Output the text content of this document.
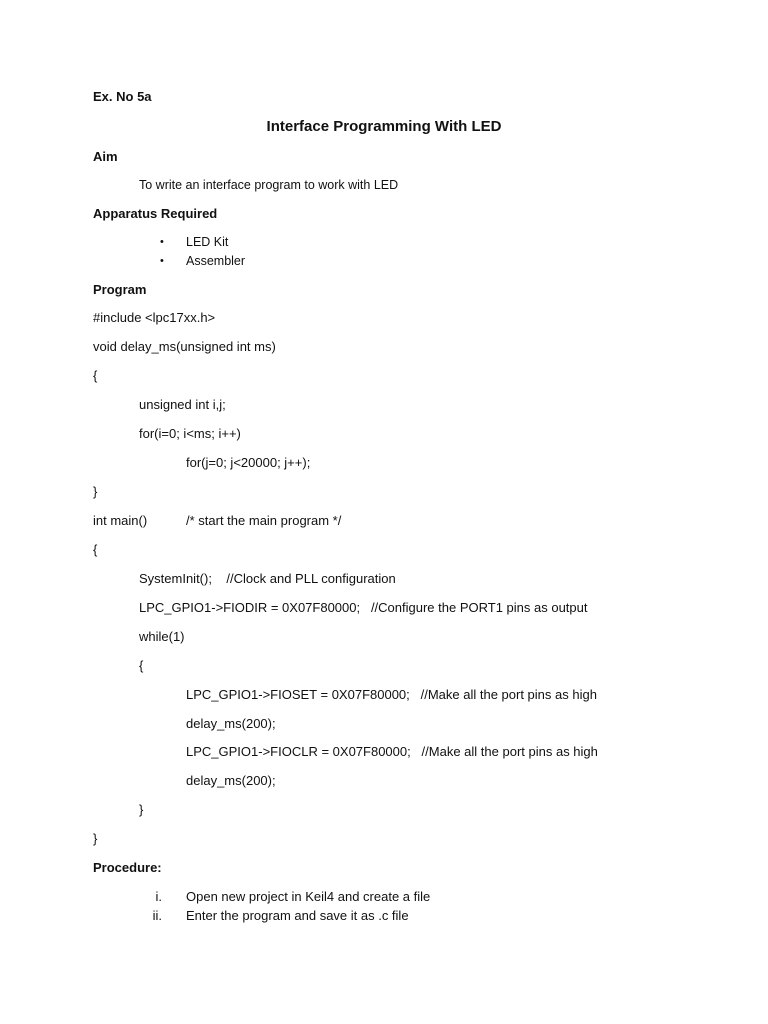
Ex. No 5a
Interface Programming With LED
Aim
To write an interface program to work with LED
Apparatus Required
• LED Kit
• Assembler
Program
#include <lpc17xx.h>
void delay_ms(unsigned int ms)
{
unsigned int i,j;
for(i=0; i<ms; i++)
for(j=0; j<20000; j++);
}
int main()	/* start the main program */
{
SystemInit();    //Clock and PLL configuration
LPC_GPIO1->FIODIR = 0X07F80000;   //Configure the PORT1 pins as output
while(1)
{
LPC_GPIO1->FIOSET = 0X07F80000;   //Make all the port pins as high
delay_ms(200);
LPC_GPIO1->FIOCLR = 0X07F80000;   //Make all the port pins as high
delay_ms(200);
}
}
Procedure:
i. Open new project in Keil4 and create a file
ii. Enter the program and save it as .c file
